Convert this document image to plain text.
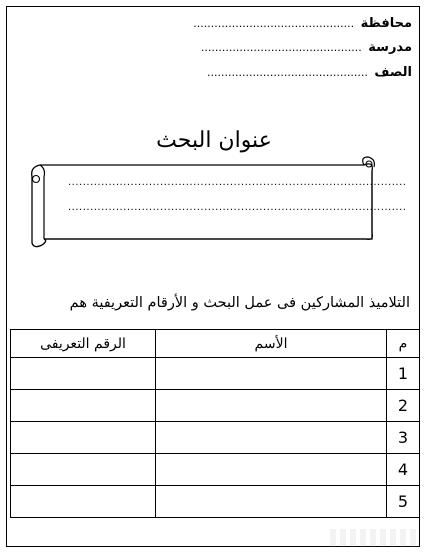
محافظة ..............................................
مدرسة ..............................................
الصف ..............................................
عنوان البحث
............................................................................................
............................................................................................
التلاميذ المشاركين فى عمل البحث و الأرقام التعريفية هم
م	الأسم	الرقم التعريفى
1		
2		
3		
4		
5		
